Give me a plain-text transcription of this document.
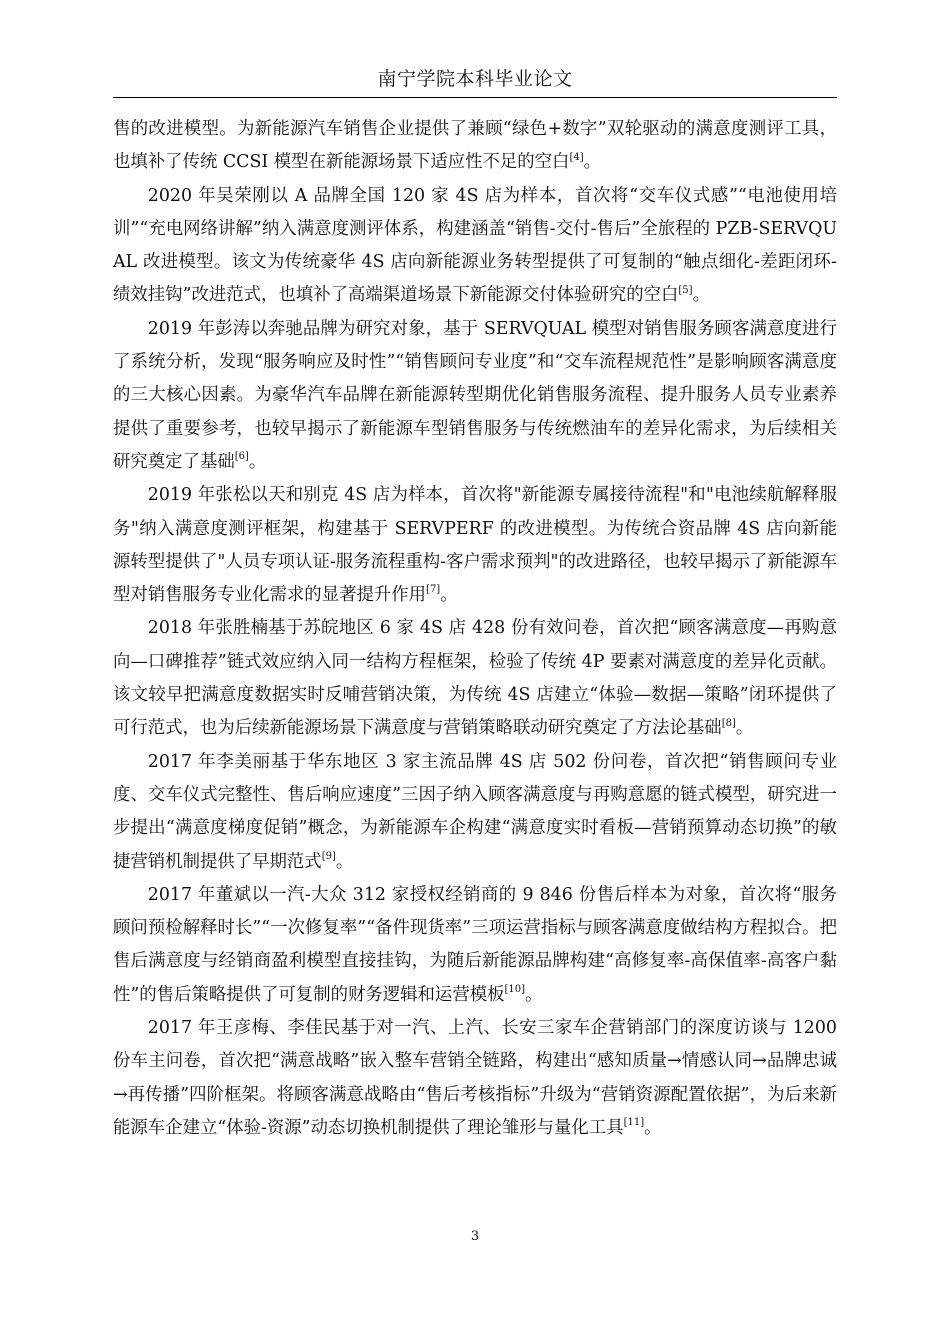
南宁学院本科毕业论文

售的改进模型。为新能源汽车销售企业提供了兼顾“绿色+数字”双轮驱动的满意度测评工具，也填补了传统 CCSI 模型在新能源场景下适应性不足的空白[4]。

2020 年吴荣刚以 A 品牌全国 120 家 4S 店为样本，首次将“交车仪式感”“电池使用培训”“充电网络讲解”纳入满意度测评体系，构建涵盖“销售-交付-售后”全旅程的 PZB-SERVQUAL 改进模型。该文为传统豪华 4S 店向新能源业务转型提供了可复制的“触点细化-差距闭环-绩效挂钩”改进范式，也填补了高端渠道场景下新能源交付体验研究的空白[5]。

2019 年彭涛以奔驰品牌为研究对象，基于 SERVQUAL 模型对销售服务顾客满意度进行了系统分析，发现“服务响应及时性”“销售顾问专业度”和“交车流程规范性”是影响顾客满意度的三大核心因素。为豪华汽车品牌在新能源转型期优化销售服务流程、提升服务人员专业素养提供了重要参考，也较早揭示了新能源车型销售服务与传统燃油车的差异化需求，为后续相关研究奠定了基础[6]。

2019 年张松以天和别克 4S 店为样本，首次将"新能源专属接待流程"和"电池续航解释服务"纳入满意度测评框架，构建基于 SERVPERF 的改进模型。为传统合资品牌 4S 店向新能源转型提供了"人员专项认证-服务流程重构-客户需求预判"的改进路径，也较早揭示了新能源车型对销售服务专业化需求的显著提升作用[7]。

2018 年张胜楠基于苏皖地区 6 家 4S 店 428 份有效问卷，首次把“顾客满意度—再购意向—口碑推荐”链式效应纳入同一结构方程框架，检验了传统 4P 要素对满意度的差异化贡献。该文较早把满意度数据实时反哺营销决策，为传统 4S 店建立“体验—数据—策略”闭环提供了可行范式，也为后续新能源场景下满意度与营销策略联动研究奠定了方法论基础[8]。

2017 年李美丽基于华东地区 3 家主流品牌 4S 店 502 份问卷，首次把“销售顾问专业度、交车仪式完整性、售后响应速度”三因子纳入顾客满意度与再购意愿的链式模型，研究进一步提出“满意度梯度促销”概念，为新能源车企构建“满意度实时看板—营销预算动态切换”的敏捷营销机制提供了早期范式[9]。

2017 年董斌以一汽-大众 312 家授权经销商的 9 846 份售后样本为对象，首次将“服务顾问预检解释时长”“一次修复率”“备件现货率”三项运营指标与顾客满意度做结构方程拟合。把售后满意度与经销商盈利模型直接挂钩，为随后新能源品牌构建“高修复率-高保值率-高客户黏性”的售后策略提供了可复制的财务逻辑和运营模板[10]。

2017 年王彦梅、李佳民基于对一汽、上汽、长安三家车企营销部门的深度访谈与 1200 份车主问卷，首次把“满意战略”嵌入整车营销全链路，构建出“感知质量→情感认同→品牌忠诚→再传播”四阶框架。将顾客满意战略由“售后考核指标”升级为“营销资源配置依据”，为后来新能源车企建立“体验-资源”动态切换机制提供了理论雏形与量化工具[11]。

3
